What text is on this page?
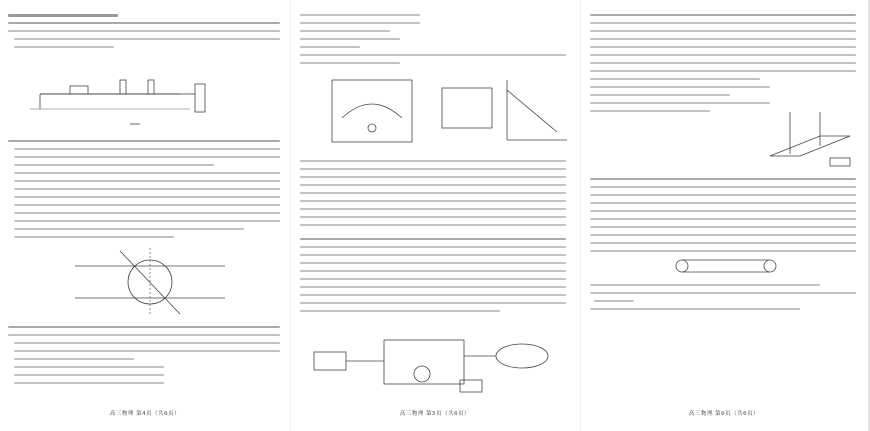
高三物理 第4页（共6页）	高三物理 第5页（共6页）	高三物理 第6页（共6页）
